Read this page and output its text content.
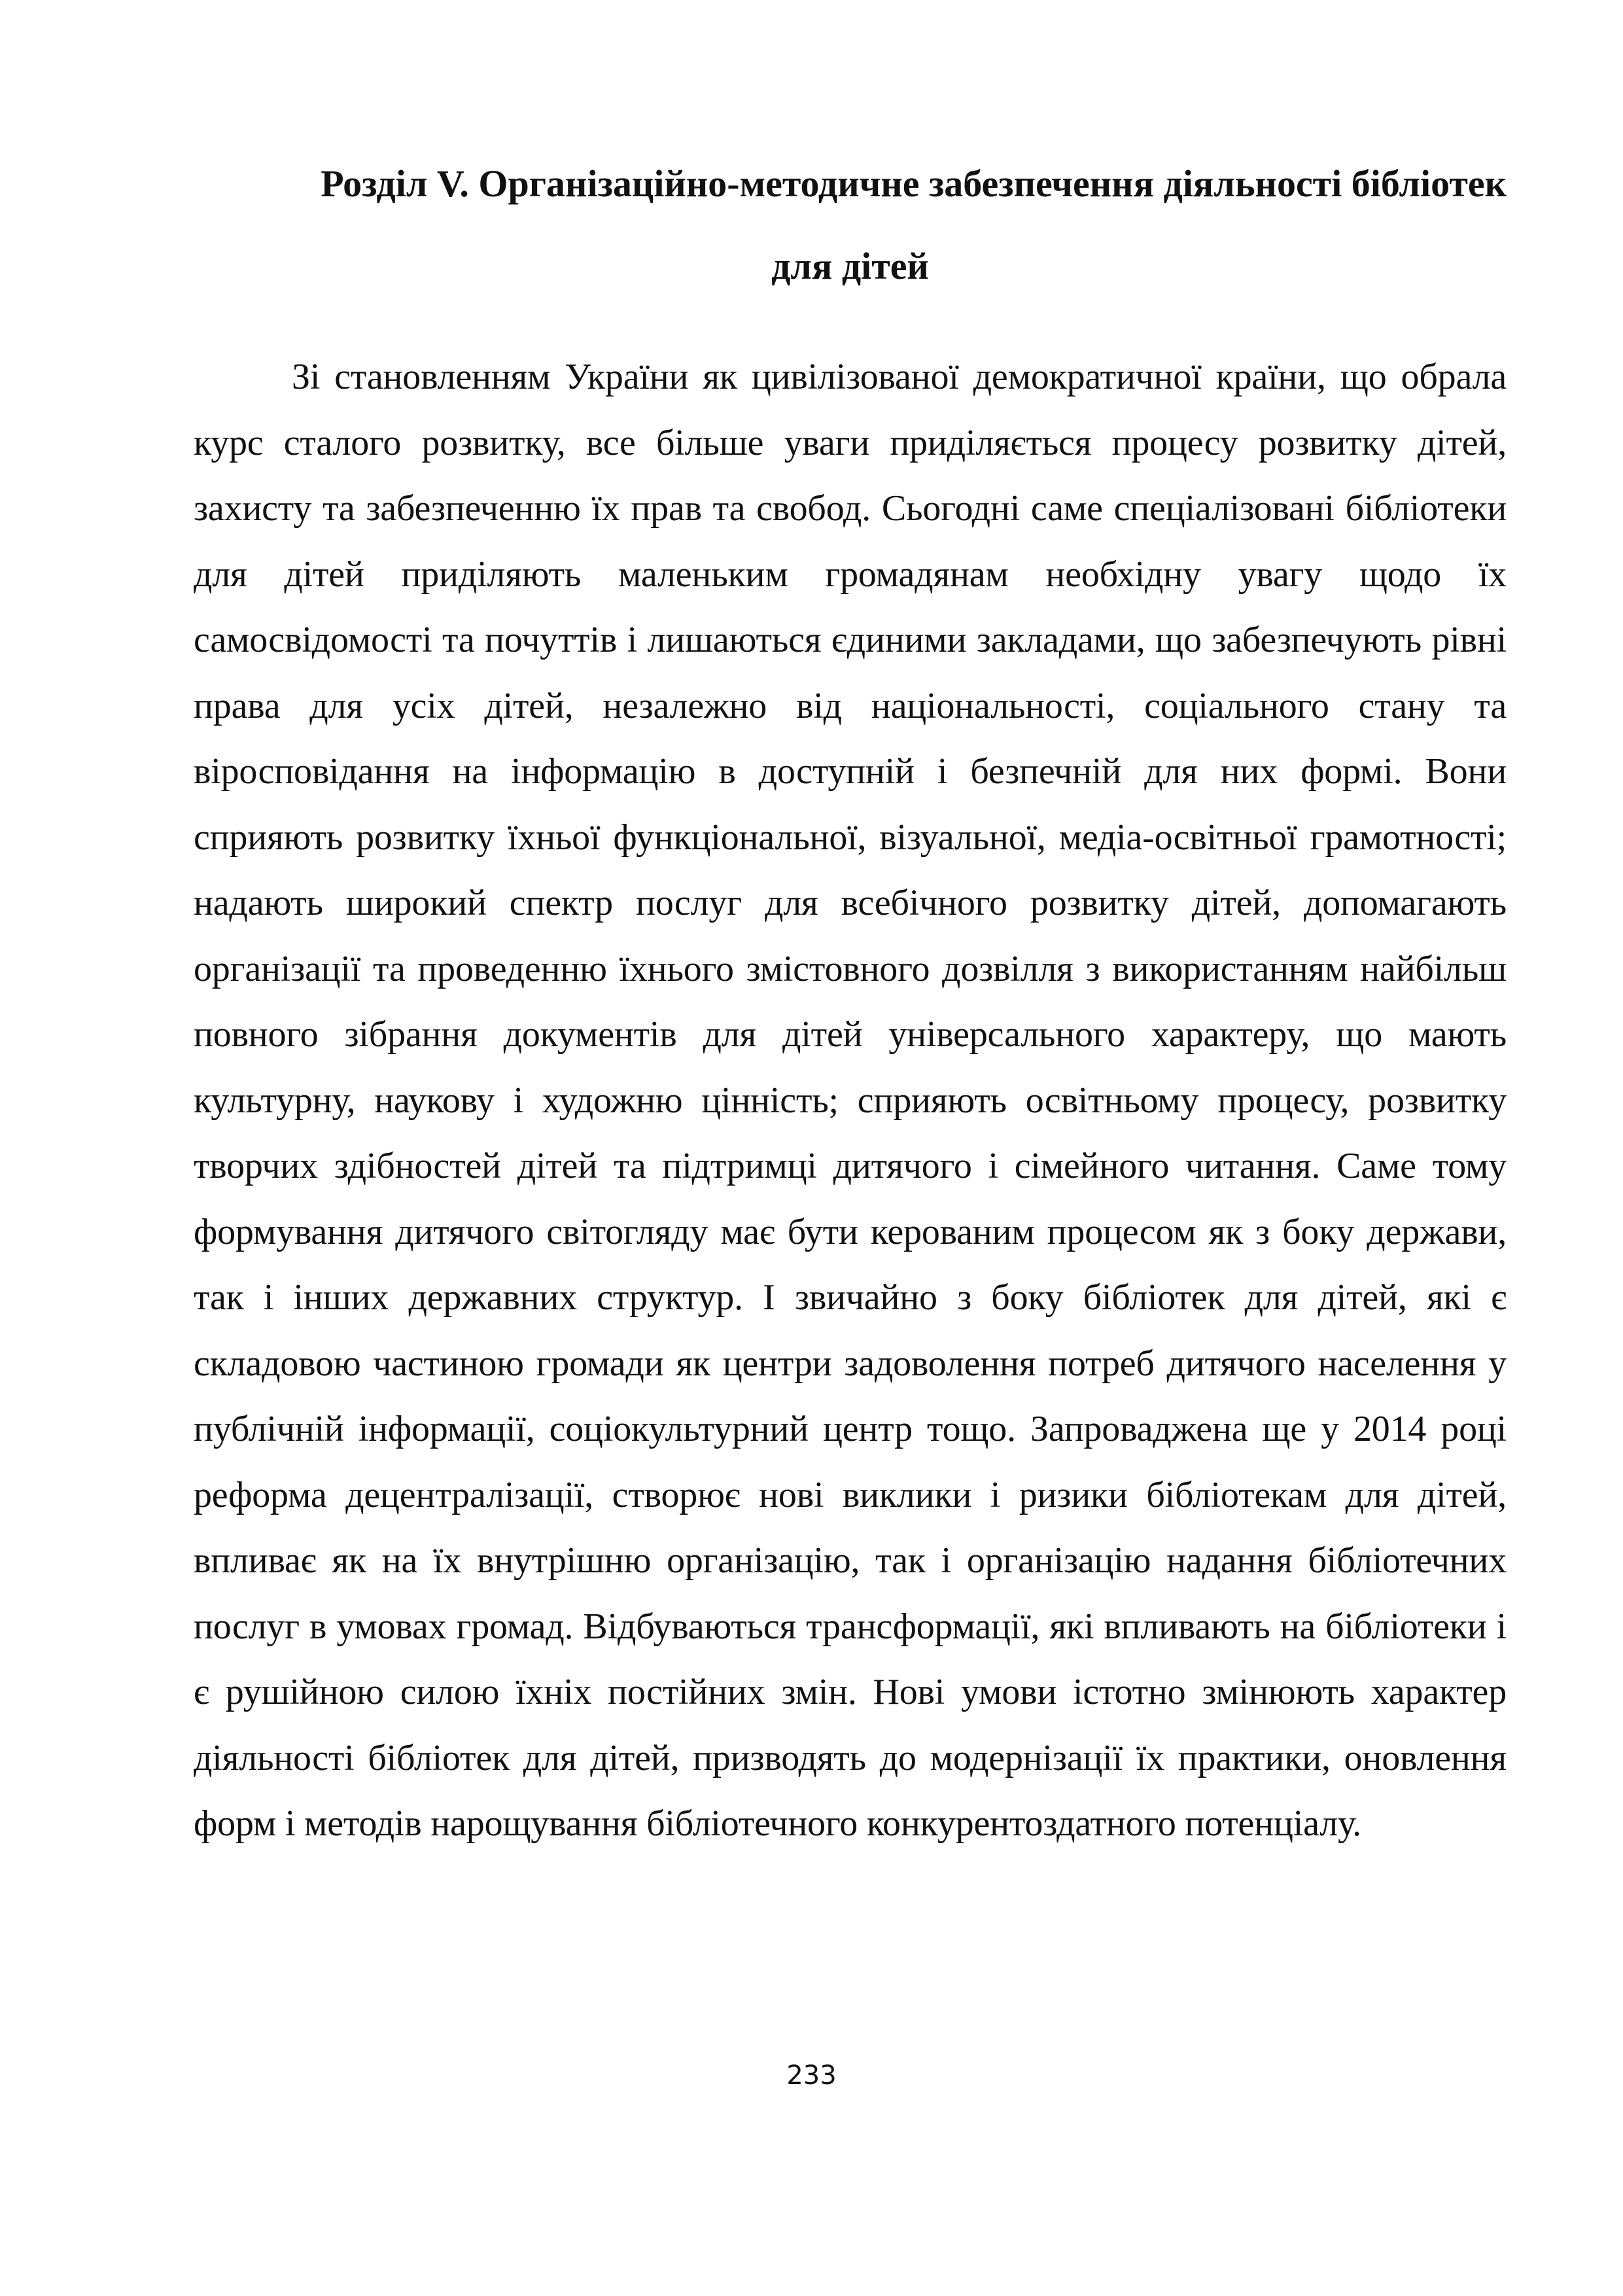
Розділ V. Організаційно-методичне забезпечення діяльності бібліотек
для дітей

Зі становленням України як цивілізованої демократичної країни, що обрала курс сталого розвитку, все більше уваги приділяється процесу розвитку дітей, захисту та забезпеченню їх прав та свобод. Сьогодні саме спеціалізовані бібліотеки для дітей приділяють маленьким громадянам необхідну увагу щодо їх самосвідомості та почуттів і лишаються єдиними закладами, що забезпечують рівні права для усіх дітей, незалежно від національності, соціального стану та віросповідання на інформацію в доступній і безпечній для них формі. Вони сприяють розвитку їхньої функціональної, візуальної, медіа-освітньої грамотності; надають широкий спектр послуг для всебічного розвитку дітей, допомагають організації та проведенню їхнього змістовного дозвілля з використанням найбільш повного зібрання документів для дітей універсального характеру, що мають культурну, наукову і художню цінність; сприяють освітньому процесу, розвитку творчих здібностей дітей та підтримці дитячого і сімейного читання. Саме тому формування дитячого світогляду має бути керованим процесом як з боку держави, так і інших державних структур. І звичайно з боку бібліотек для дітей, які є складовою частиною громади як центри задоволення потреб дитячого населення у публічній інформації, соціокультурний центр тощо. Запроваджена ще у 2014 році реформа децентралізації, створює нові виклики і ризики бібліотекам для дітей, впливає як на їх внутрішню організацію, так і організацію надання бібліотечних послуг в умовах громад. Відбуваються трансформації, які впливають на бібліотеки і є рушійною силою їхніх постійних змін. Нові умови істотно змінюють характер діяльності бібліотек для дітей, призводять до модернізації їх практики, оновлення форм і методів нарощування бібліотечного конкурентоздатного потенціалу.

233
